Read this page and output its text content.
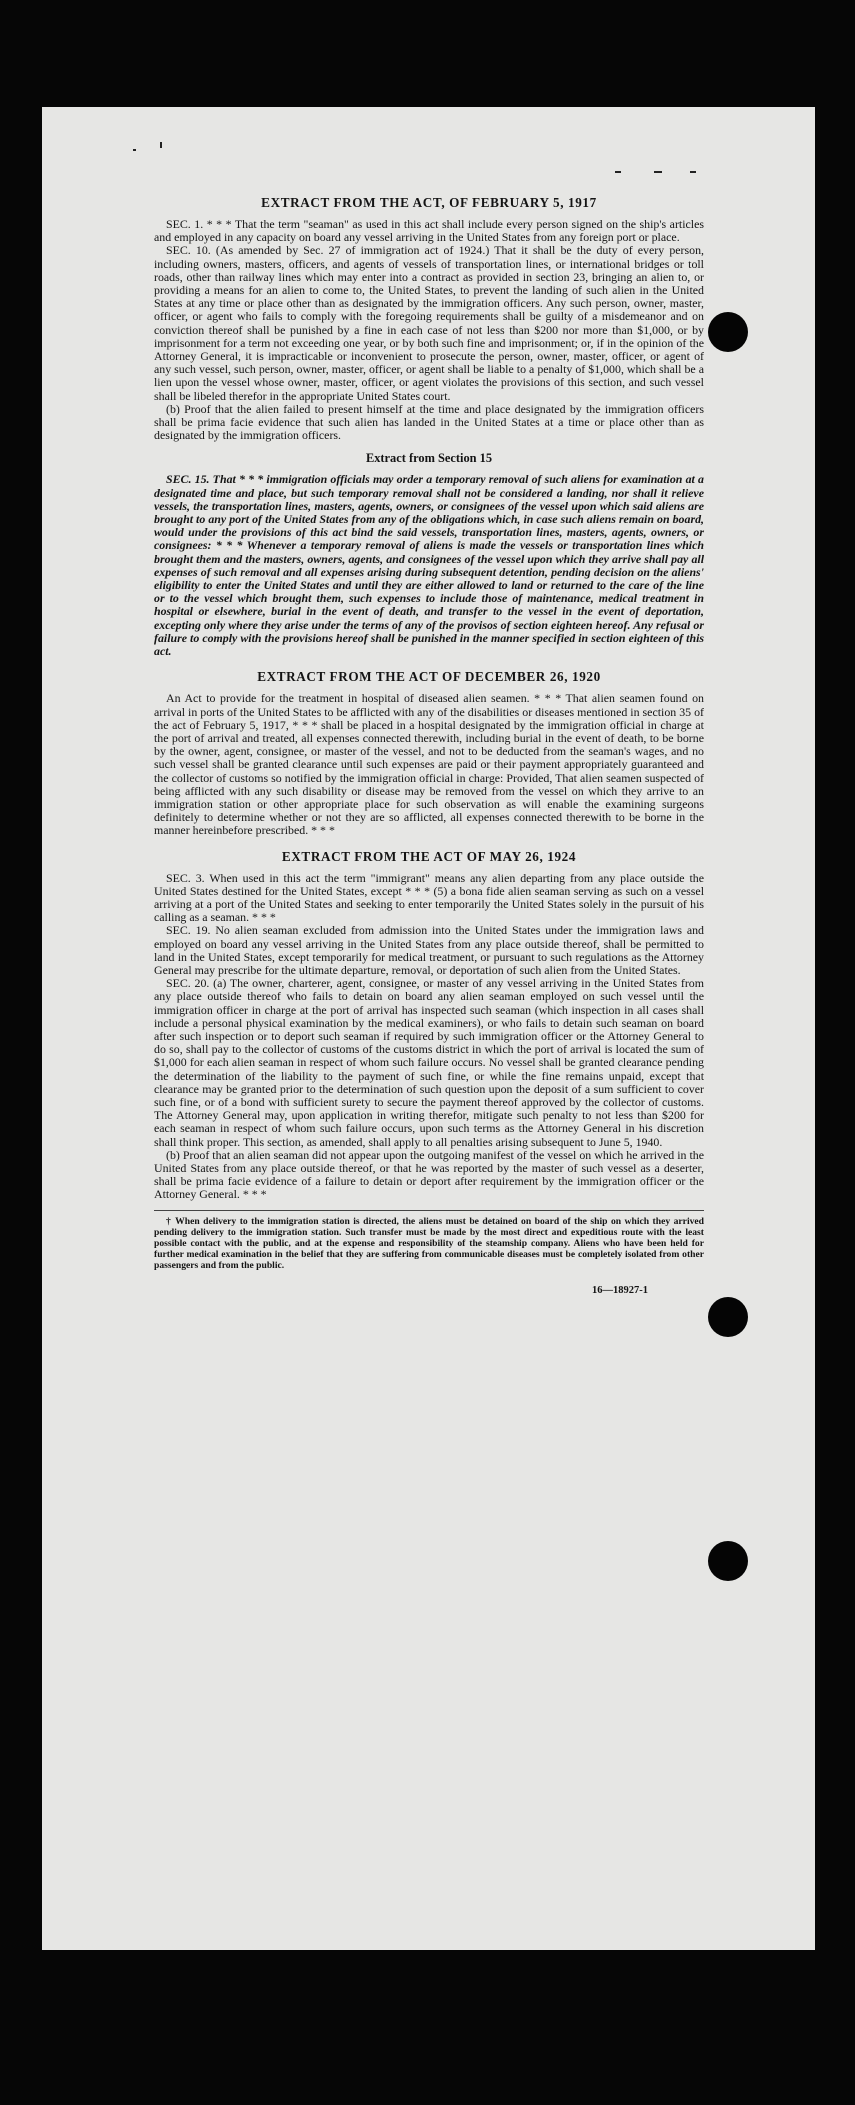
EXTRACT FROM THE ACT, OF FEBRUARY 5, 1917

SEC. 1. * * * That the term "seaman" as used in this act shall include every person signed on the ship's articles and employed in any capacity on board any vessel arriving in the United States from any foreign port or place.

SEC. 10. (As amended by Sec. 27 of immigration act of 1924.) That it shall be the duty of every person, including owners, masters, officers, and agents of vessels of transportation lines, or international bridges or toll roads, other than railway lines which may enter into a contract as provided in section 23, bringing an alien to, or providing a means for an alien to come to, the United States, to prevent the landing of such alien in the United States at any time or place other than as designated by the immigration officers. Any such person, owner, master, officer, or agent who fails to comply with the foregoing requirements shall be guilty of a misdemeanor and on conviction thereof shall be punished by a fine in each case of not less than $200 nor more than $1,000, or by imprisonment for a term not exceeding one year, or by both such fine and imprisonment; or, if in the opinion of the Attorney General, it is impracticable or inconvenient to prosecute the person, owner, master, officer, or agent of any such vessel, such person, owner, master, officer, or agent shall be liable to a penalty of $1,000, which shall be a lien upon the vessel whose owner, master, officer, or agent violates the provisions of this section, and such vessel shall be libeled therefor in the appropriate United States court.

(b) Proof that the alien failed to present himself at the time and place designated by the immigration officers shall be prima facie evidence that such alien has landed in the United States at a time or place other than as designated by the immigration officers.

Extract from Section 15

SEC. 15. That * * * immigration officials may order a temporary removal of such aliens for examination at a designated time and place, but such temporary removal shall not be considered a landing, nor shall it relieve vessels, the transportation lines, masters, agents, owners, or consignees of the vessel upon which said aliens are brought to any port of the United States from any of the obligations which, in case such aliens remain on board, would under the provisions of this act bind the said vessels, transportation lines, masters, agents, owners, or consignees: * * * Whenever a temporary removal of aliens is made the vessels or transportation lines which brought them and the masters, owners, agents, and consignees of the vessel upon which they arrive shall pay all expenses of such removal and all expenses arising during subsequent detention, pending decision on the aliens' eligibility to enter the United States and until they are either allowed to land or returned to the care of the line or to the vessel which brought them, such expenses to include those of maintenance, medical treatment in hospital or elsewhere, burial in the event of death, and transfer to the vessel in the event of deportation, excepting only where they arise under the terms of any of the provisos of section eighteen hereof. Any refusal or failure to comply with the provisions hereof shall be punished in the manner specified in section eighteen of this act.

EXTRACT FROM THE ACT OF DECEMBER 26, 1920

An Act to provide for the treatment in hospital of diseased alien seamen. * * * That alien seamen found on arrival in ports of the United States to be afflicted with any of the disabilities or diseases mentioned in section 35 of the act of February 5, 1917, * * * shall be placed in a hospital designated by the immigration official in charge at the port of arrival and treated, all expenses connected therewith, including burial in the event of death, to be borne by the owner, agent, consignee, or master of the vessel, and not to be deducted from the seaman's wages, and no such vessel shall be granted clearance until such expenses are paid or their payment appropriately guaranteed and the collector of customs so notified by the immigration official in charge: Provided, That alien seamen suspected of being afflicted with any such disability or disease may be removed from the vessel on which they arrive to an immigration station or other appropriate place for such observation as will enable the examining surgeons definitely to determine whether or not they are so afflicted, all expenses connected therewith to be borne in the manner hereinbefore prescribed. * * *

EXTRACT FROM THE ACT OF MAY 26, 1924

SEC. 3. When used in this act the term "immigrant" means any alien departing from any place outside the United States destined for the United States, except * * * (5) a bona fide alien seaman serving as such on a vessel arriving at a port of the United States and seeking to enter temporarily the United States solely in the pursuit of his calling as a seaman. * * *

SEC. 19. No alien seaman excluded from admission into the United States under the immigration laws and employed on board any vessel arriving in the United States from any place outside thereof, shall be permitted to land in the United States, except temporarily for medical treatment, or pursuant to such regulations as the Attorney General may prescribe for the ultimate departure, removal, or deportation of such alien from the United States.

SEC. 20. (a) The owner, charterer, agent, consignee, or master of any vessel arriving in the United States from any place outside thereof who fails to detain on board any alien seaman employed on such vessel until the immigration officer in charge at the port of arrival has inspected such seaman (which inspection in all cases shall include a personal physical examination by the medical examiners), or who fails to detain such seaman on board after such inspection or to deport such seaman if required by such immigration officer or the Attorney General to do so, shall pay to the collector of customs of the customs district in which the port of arrival is located the sum of $1,000 for each alien seaman in respect of whom such failure occurs. No vessel shall be granted clearance pending the determination of the liability to the payment of such fine, or while the fine remains unpaid, except that clearance may be granted prior to the determination of such question upon the deposit of a sum sufficient to cover such fine, or of a bond with sufficient surety to secure the payment thereof approved by the collector of customs. The Attorney General may, upon application in writing therefor, mitigate such penalty to not less than $200 for each seaman in respect of whom such failure occurs, upon such terms as the Attorney General in his discretion shall think proper. This section, as amended, shall apply to all penalties arising subsequent to June 5, 1940.

(b) Proof that an alien seaman did not appear upon the outgoing manifest of the vessel on which he arrived in the United States from any place outside thereof, or that he was reported by the master of such vessel as a deserter, shall be prima facie evidence of a failure to detain or deport after requirement by the immigration officer or the Attorney General. * * *

† When delivery to the immigration station is directed, the aliens must be detained on board of the ship on which they arrived pending delivery to the immigration station. Such transfer must be made by the most direct and expeditious route with the least possible contact with the public, and at the expense and responsibility of the steamship company. Aliens who have been held for further medical examination in the belief that they are suffering from communicable diseases must be completely isolated from other passengers and from the public.

16—18927-1
